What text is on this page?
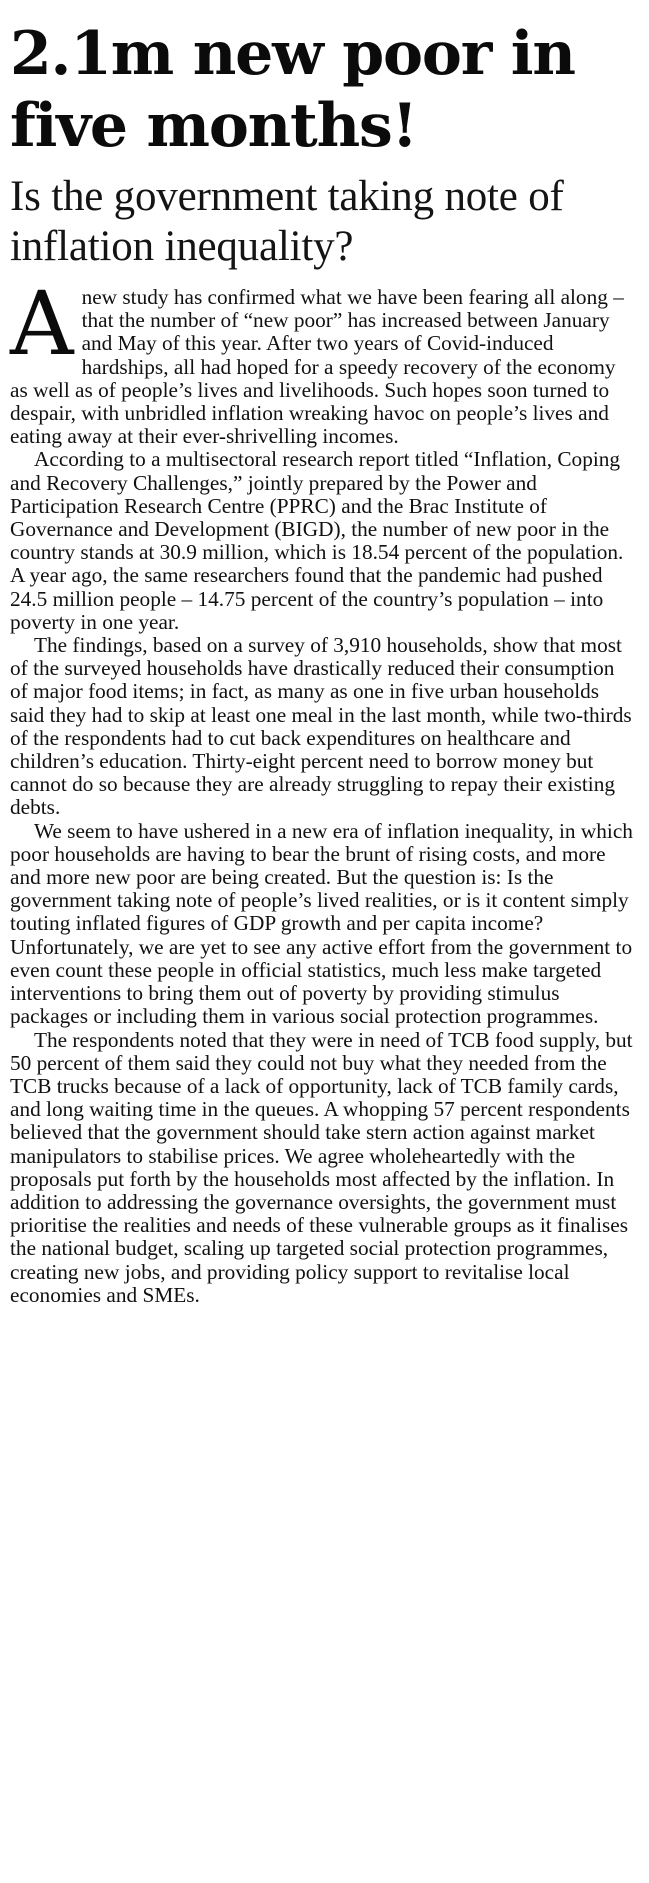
2.1m new poor in five months!
Is the government taking note of inflation inequality?

Anew study has confirmed what we have been fearing all along – that the number of “new poor” has increased between January and May of this year. After two years of Covid-induced hardships, all had hoped for a speedy recovery of the economy as well as of people’s lives and livelihoods. Such hopes soon turned to despair, with unbridled inflation wreaking havoc on people’s lives and eating away at their ever-shrivelling incomes.

According to a multisectoral research report titled “Inflation, Coping and Recovery Challenges,” jointly prepared by the Power and Participation Research Centre (PPRC) and the Brac Institute of Governance and Development (BIGD), the number of new poor in the country stands at 30.9 million, which is 18.54 percent of the population. A year ago, the same researchers found that the pandemic had pushed 24.5 million people – 14.75 percent of the country’s population – into poverty in one year.

The findings, based on a survey of 3,910 households, show that most of the surveyed households have drastically reduced their consumption of major food items; in fact, as many as one in five urban households said they had to skip at least one meal in the last month, while two-thirds of the respondents had to cut back expenditures on healthcare and children’s education. Thirty-eight percent need to borrow money but cannot do so because they are already struggling to repay their existing debts.

We seem to have ushered in a new era of inflation inequality, in which poor households are having to bear the brunt of rising costs, and more and more new poor are being created. But the question is: Is the government taking note of people’s lived realities, or is it content simply touting inflated figures of GDP growth and per capita income? Unfortunately, we are yet to see any active effort from the government to even count these people in official statistics, much less make targeted interventions to bring them out of poverty by providing stimulus packages or including them in various social protection programmes.

The respondents noted that they were in need of TCB food supply, but 50 percent of them said they could not buy what they needed from the TCB trucks because of a lack of opportunity, lack of TCB family cards, and long waiting time in the queues. A whopping 57 percent respondents believed that the government should take stern action against market manipulators to stabilise prices. We agree wholeheartedly with the proposals put forth by the households most affected by the inflation. In addition to addressing the governance oversights, the government must prioritise the realities and needs of these vulnerable groups as it finalises the national budget, scaling up targeted social protection programmes, creating new jobs, and providing policy support to revitalise local economies and SMEs.
